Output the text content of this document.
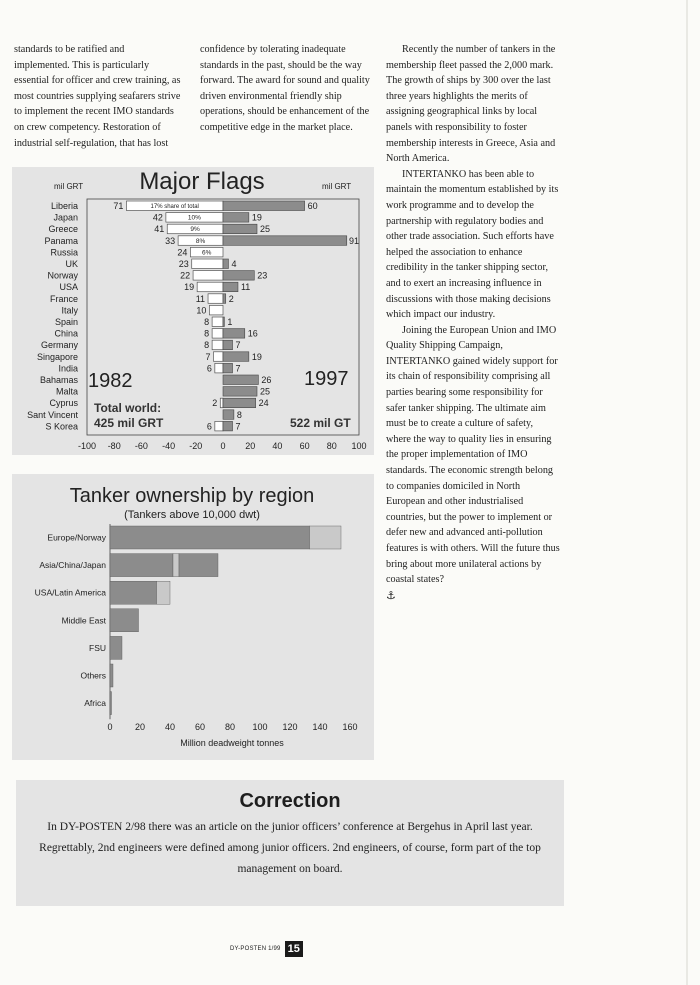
standards to be ratified and implemented. This is particularly essential for officer and crew training, as most countries supplying seafarers strive to implement the recent IMO standards on crew competency. Restoration of industrial self-regulation, that has lost

confidence by tolerating inadequate standards in the past, should be the way forward. The award for sound and quality driven environmental friendly ship operations, should be enhancement of the competitive edge in the market place.

Recently the number of tankers in the membership fleet passed the 2,000 mark. The growth of ships by 300 over the last three years highlights the merits of assigning geographical links by local panels with responsibility to foster membership interests in Greece, Asia and North America.

INTERTANKO has been able to maintain the momentum established by its work programme and to develop the partnership with regulatory bodies and other trade association. Such efforts have helped the association to enhance credibility in the tanker shipping sector, and to exert an increasing influence in discussions with those making decisions which impact our industry.

Joining the European Union and IMO Quality Shipping Campaign, INTERTANKO gained widely support for its chain of responsibility comprising all parties bearing some responsibility for safer tanker shipping. The ultimate aim must be to create a culture of safety, where the way to quality lies in ensuring the proper implementation of IMO standards. The economic strength belong to companies domiciled in North European and other industrialised countries, but the power to implement or defer new and advanced anti-pollution features is with others. Will the future thus bring about more unilateral actions by coastal states?

⚓
Major Flags
mil GRT	mil GRT
71	60
42	19
41	25
33	91
24
23	4
22	23
19	11
11	2
10
8 1
8	16
8	7
7	19
6	7
26
25
2	24
8
6	7
17% share of total
10%
9%
8%
6%
Liberia
Japan
Greece
Panama
Russia
UK
Norway
USA
France
Italy
Spain
China
Germany
Singapore
India
Bahamas
Malta
Cyprus
Sant Vincent
S Korea
-100 -80 -60 -40 -20 0 20 40 60 80 100
1982	1997
Total world:
425 mil GRT	522 mil GT
Tanker ownership by region
(Tankers above 10,000 dwt)
Europe/Norway
Asia/China/Japan
USA/Latin America
Middle East
FSU
Others
Africa
0 20 40 60 80 100 120 140 160
Million deadweight tonnes
Correction
In DY-POSTEN 2/98 there was an article on the junior officers’ conference at Bergehus in April last year. Regrettably, 2nd engineers were defined among junior officers. 2nd engineers, of course, form part of the top management on board.
DY-POSTEN 1/99 15
